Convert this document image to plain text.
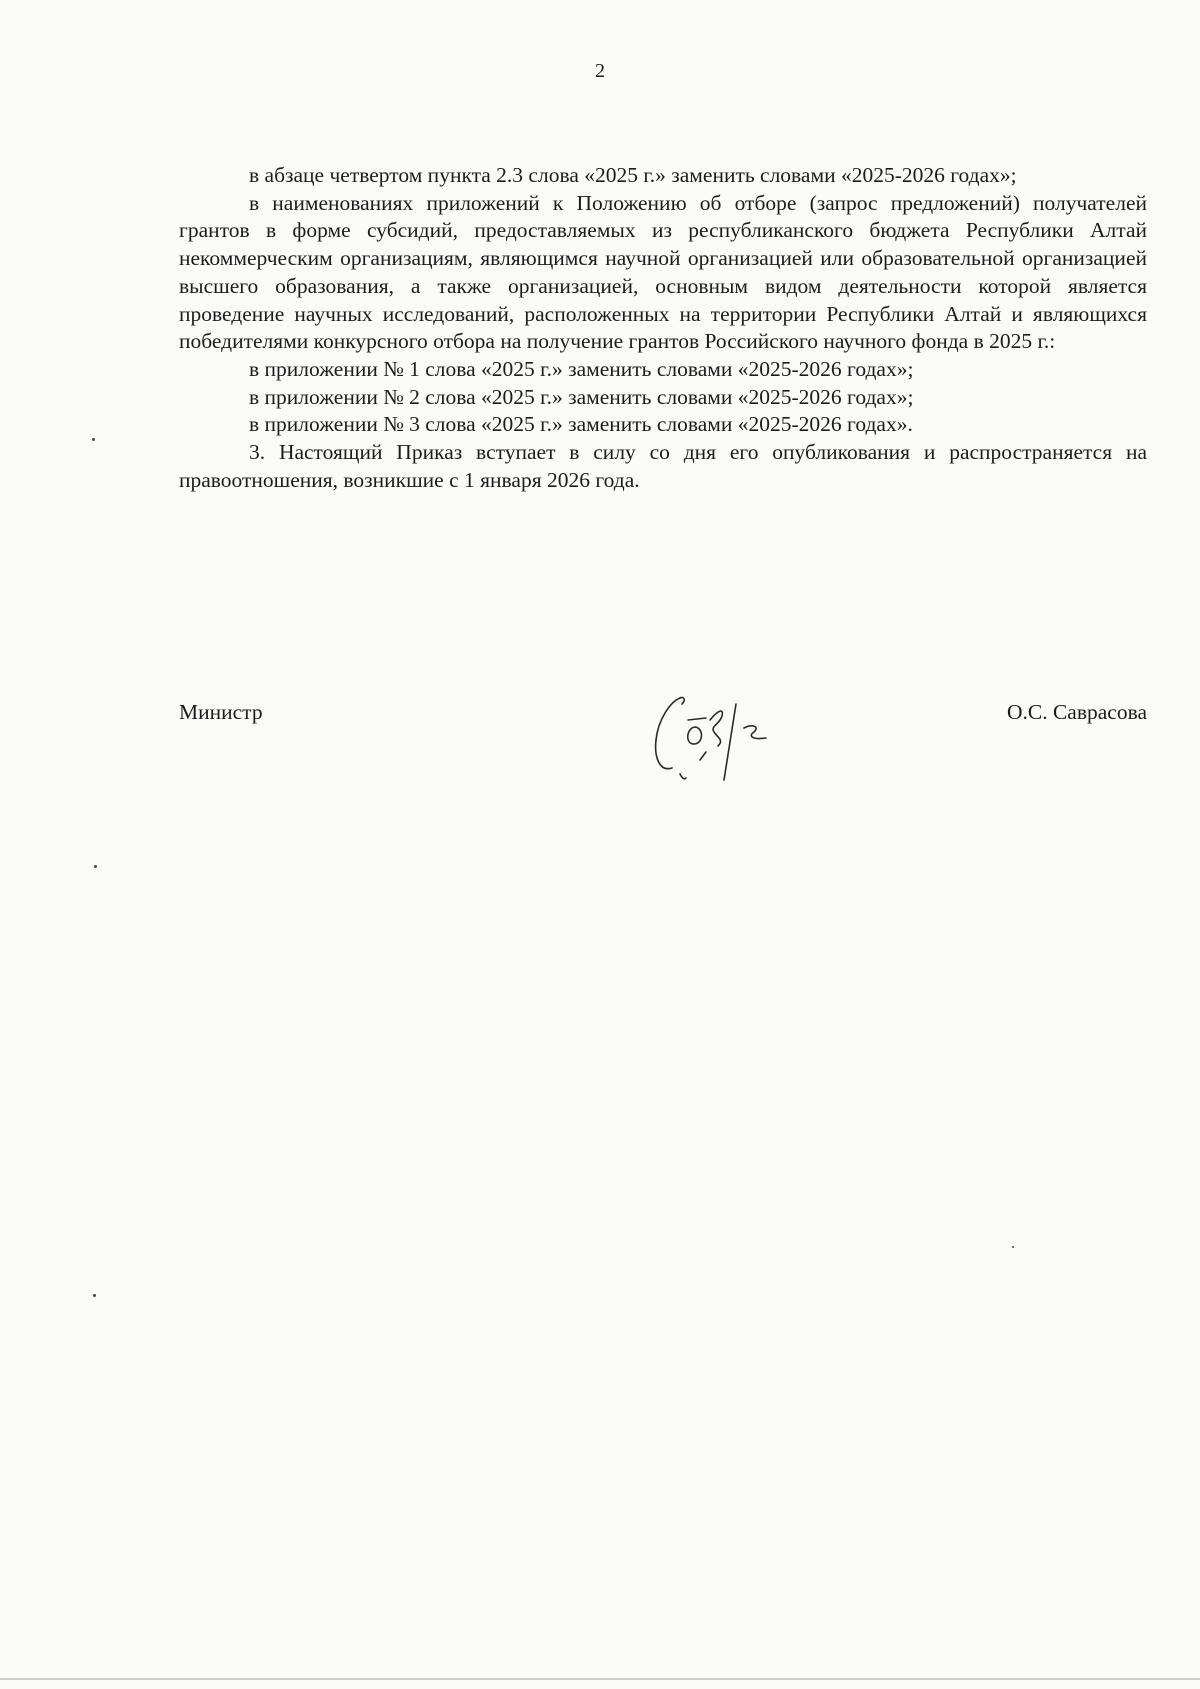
2

в абзаце четвертом пункта 2.3 слова «2025 г.» заменить словами «2025-2026 годах»;

в наименованиях приложений к Положению об отборе (запрос предложений) получателей грантов в форме субсидий, предоставляемых из республиканского бюджета Республики Алтай некоммерческим организациям, являющимся научной организацией или образовательной организацией высшего образования, а также организацией, основным видом деятельности которой является проведение научных исследований, расположенных на территории Республики Алтай и являющихся победителями конкурсного отбора на получение грантов Российского научного фонда в 2025 г.:

в приложении № 1 слова «2025 г.» заменить словами «2025-2026 годах»;

в приложении № 2 слова «2025 г.» заменить словами «2025-2026 годах»;

в приложении № 3 слова «2025 г.» заменить словами «2025-2026 годах».

3. Настоящий Приказ вступает в силу со дня его опубликования и распространяется на правоотношения, возникшие с 1 января 2026 года.

Министр	О.С. Саврасова
